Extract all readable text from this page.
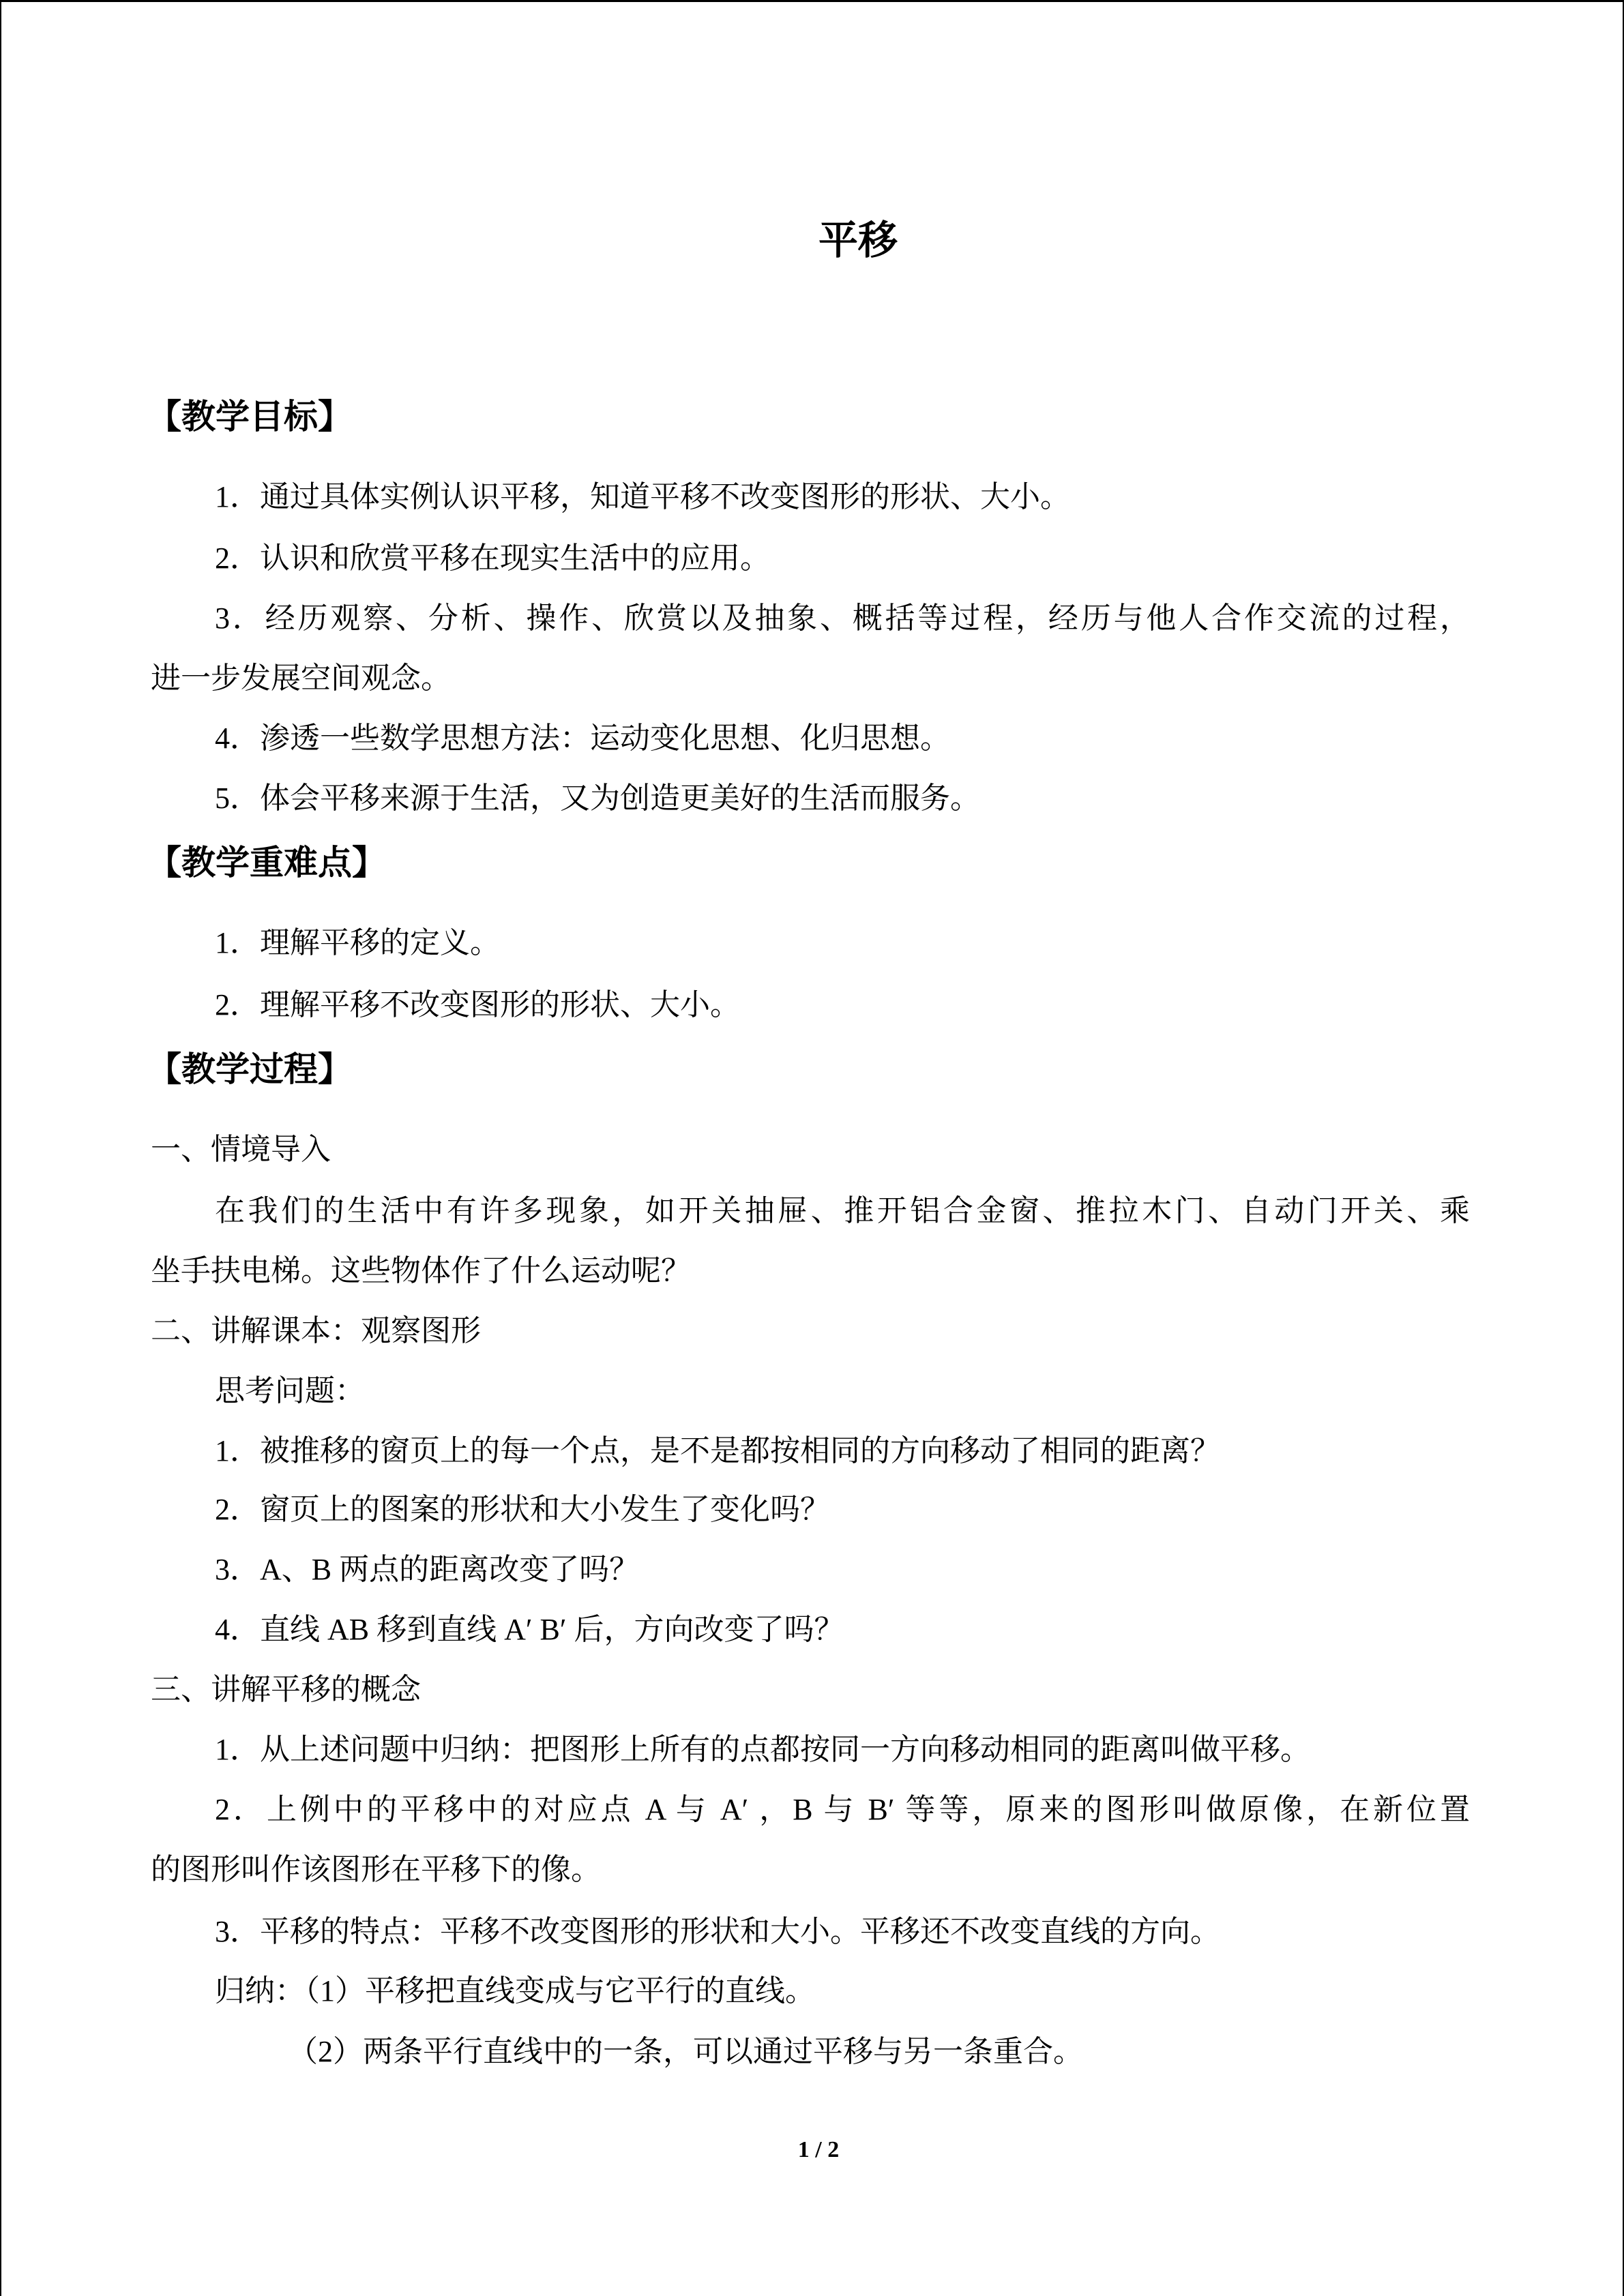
平移
【教学目标】
1．通过具体实例认识平移，知道平移不改变图形的形状、大小。
2．认识和欣赏平移在现实生活中的应用。
3．经历观察、分析、操作、欣赏以及抽象、概括等过程，经历与他人合作交流的过程，
进一步发展空间观念。
4．渗透一些数学思想方法：运动变化思想、化归思想。
5．体会平移来源于生活，又为创造更美好的生活而服务。
【教学重难点】
1．理解平移的定义。
2．理解平移不改变图形的形状、大小。
【教学过程】
一、情境导入
在我们的生活中有许多现象，如开关抽屉、推开铝合金窗、推拉木门、自动门开关、乘
坐手扶电梯。这些物体作了什么运动呢？
二、讲解课本：观察图形
思考问题：
1．被推移的窗页上的每一个点，是不是都按相同的方向移动了相同的距离？
2．窗页上的图案的形状和大小发生了变化吗？
3．A、B 两点的距离改变了吗？
4．直线 AB 移到直线 A′ B′ 后，方向改变了吗？
三、讲解平移的概念
1．从上述问题中归纳：把图形上所有的点都按同一方向移动相同的距离叫做平移。
2．上例中的平移中的对应点 A 与 A′ ，B 与 B′ 等等，原来的图形叫做原像，在新位置
的图形叫作该图形在平移下的像。
3．平移的特点：平移不改变图形的形状和大小。平移还不改变直线的方向。
归纳：（1）平移把直线变成与它平行的直线。
（2）两条平行直线中的一条，可以通过平移与另一条重合。
1 / 2
